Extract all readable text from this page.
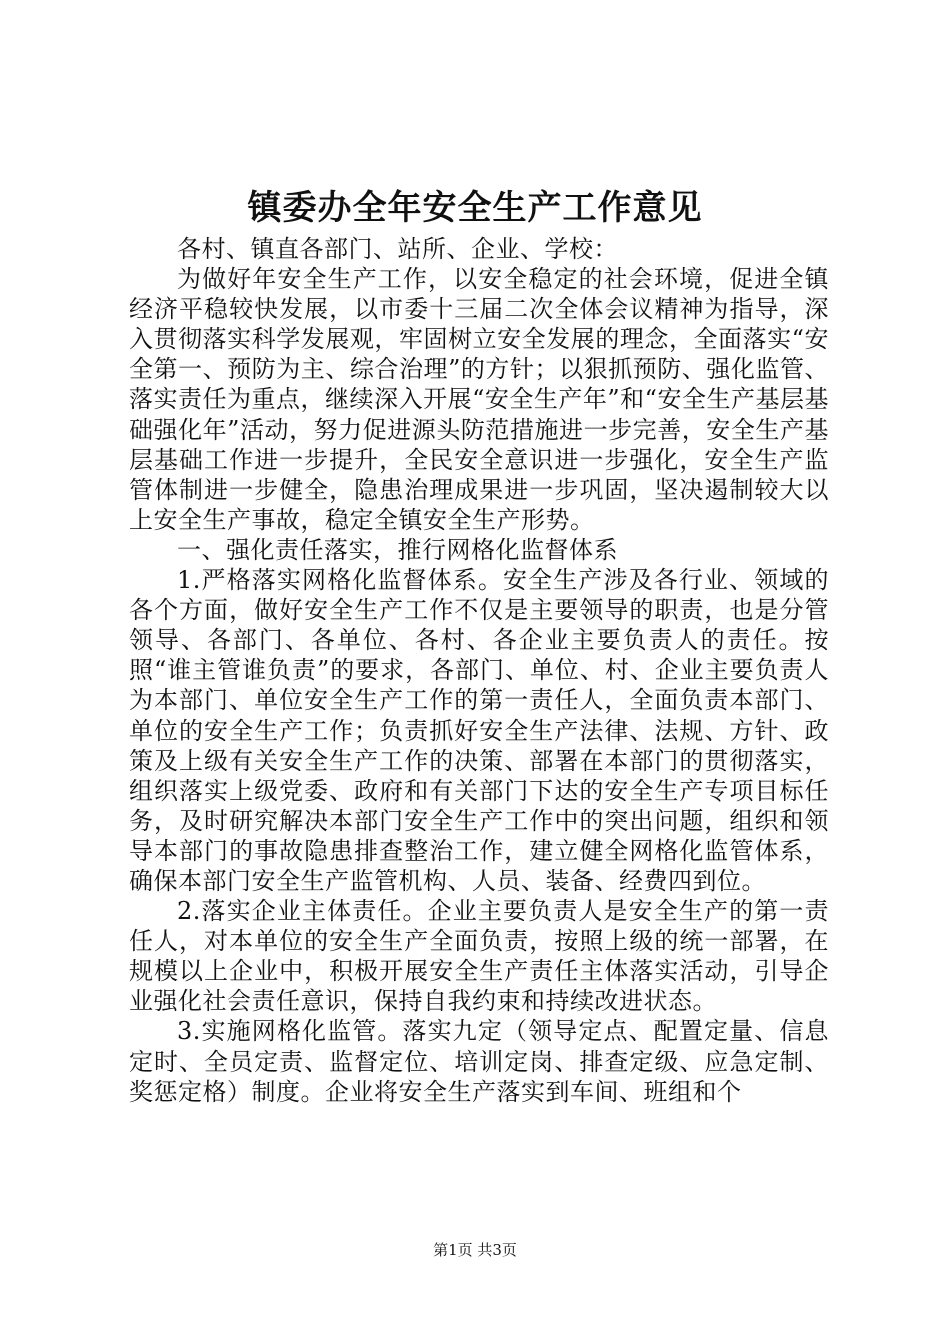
镇委办全年安全生产工作意见

各村、镇直各部门、站所、企业、学校：

为做好年安全生产工作，以安全稳定的社会环境，促进全镇经济平稳较快发展，以市委十三届二次全体会议精神为指导，深入贯彻落实科学发展观，牢固树立安全发展的理念，全面落实“安全第一、预防为主、综合治理”的方针；以狠抓预防、强化监管、落实责任为重点，继续深入开展“安全生产年”和“安全生产基层基础强化年”活动，努力促进源头防范措施进一步完善，安全生产基层基础工作进一步提升，全民安全意识进一步强化，安全生产监管体制进一步健全，隐患治理成果进一步巩固，坚决遏制较大以上安全生产事故，稳定全镇安全生产形势。

一、强化责任落实，推行网格化监督体系

1.严格落实网格化监督体系。安全生产涉及各行业、领域的各个方面，做好安全生产工作不仅是主要领导的职责，也是分管领导、各部门、各单位、各村、各企业主要负责人的责任。按照“谁主管谁负责”的要求，各部门、单位、村、企业主要负责人为本部门、单位安全生产工作的第一责任人，全面负责本部门、单位的安全生产工作；负责抓好安全生产法律、法规、方针、政策及上级有关安全生产工作的决策、部署在本部门的贯彻落实，组织落实上级党委、政府和有关部门下达的安全生产专项目标任务，及时研究解决本部门安全生产工作中的突出问题，组织和领导本部门的事故隐患排查整治工作，建立健全网格化监管体系，确保本部门安全生产监管机构、人员、装备、经费四到位。

2.落实企业主体责任。企业主要负责人是安全生产的第一责任人，对本单位的安全生产全面负责，按照上级的统一部署，在规模以上企业中，积极开展安全生产责任主体落实活动，引导企业强化社会责任意识，保持自我约束和持续改进状态。

3.实施网格化监管。落实九定（领导定点、配置定量、信息定时、全员定责、监督定位、培训定岗、排查定级、应急定制、奖惩定格）制度。企业将安全生产落实到车间、班组和个

第1页 共3页
